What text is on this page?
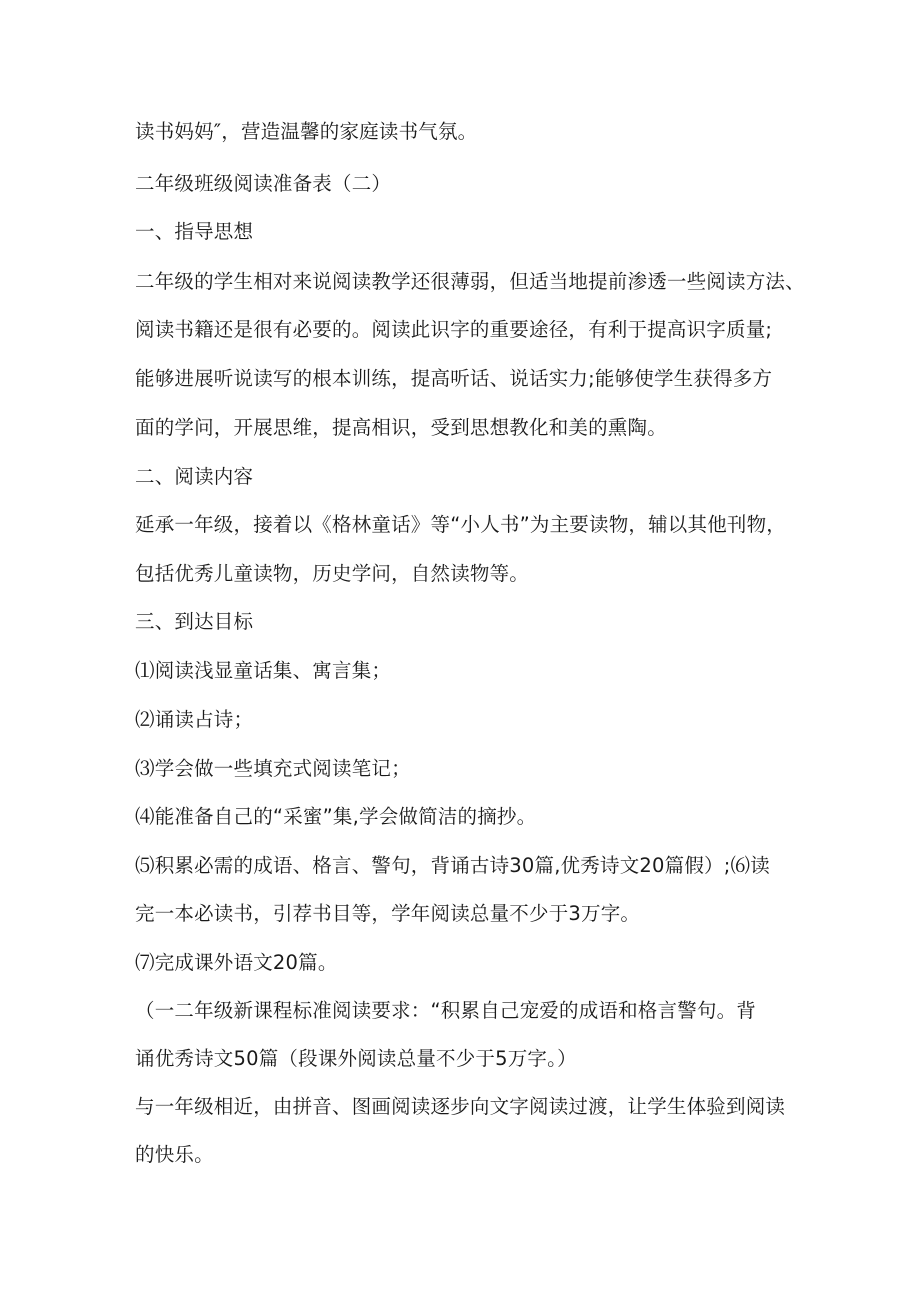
读书妈妈″，营造温馨的家庭读书气氛。

二年级班级阅读准备表（二）

一、指导思想

二年级的学生相对来说阅读教学还很薄弱，但适当地提前渗透一些阅读方法、

阅读书籍还是很有必要的。阅读此识字的重要途径，有利于提高识字质量;

能够进展听说读写的根本训练，提高听话、说话实力;能够使学生获得多方

面的学问，开展思维，提高相识，受到思想教化和美的熏陶。

二、阅读内容

延承一年级，接着以《格林童话》等“小人书”为主要读物，辅以其他刊物，

包括优秀儿童读物，历史学问，自然读物等。

三、到达目标

⑴阅读浅显童话集、寓言集；

⑵诵读占诗；

⑶学会做一些填充式阅读笔记；

⑷能准备自己的“采蜜”集,学会做简洁的摘抄。

⑸积累必需的成语、格言、警句，背诵古诗30篇,优秀诗文20篇假）;⑹读

完一本必读书，引荐书目等，学年阅读总量不少于3万字。

⑺完成课外语文20篇。

（一二年级新课程标准阅读要求：“积累自己宠爱的成语和格言警句。背

诵优秀诗文50篇（段课外阅读总量不少于5万字。）

与一年级相近，由拼音、图画阅读逐步向文字阅读过渡，让学生体验到阅读

的快乐。
